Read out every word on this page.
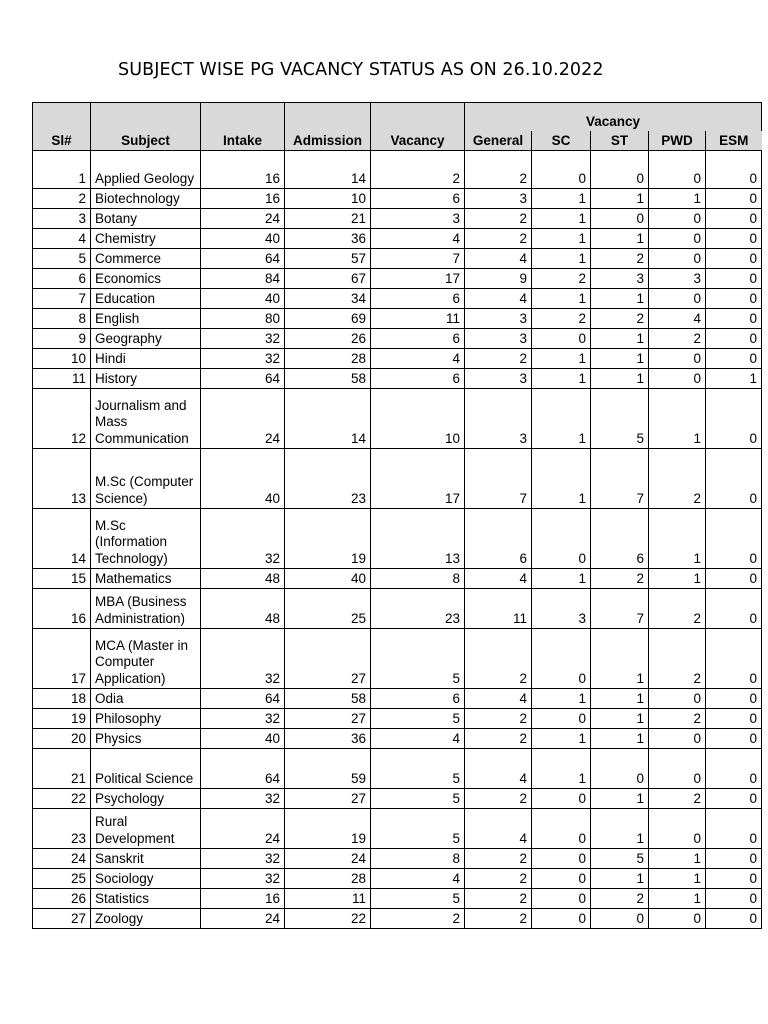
SUBJECT WISE PG VACANCY STATUS AS ON 26.10.2022
Sl#	Subject	Intake	Admission	Vacancy	Vacancy				
					General	SC	ST	PWD	ESM
1	Applied Geology	16	14	2	2	0	0	0	0
2	Biotechnology	16	10	6	3	1	1	1	0
3	Botany	24	21	3	2	1	0	0	0
4	Chemistry	40	36	4	2	1	1	0	0
5	Commerce	64	57	7	4	1	2	0	0
6	Economics	84	67	17	9	2	3	3	0
7	Education	40	34	6	4	1	1	0	0
8	English	80	69	11	3	2	2	4	0
9	Geography	32	26	6	3	0	1	2	0
10	Hindi	32	28	4	2	1	1	0	0
11	History	64	58	6	3	1	1	0	1
12	Journalism and Mass Communication	24	14	10	3	1	5	1	0
13	M.Sc (Computer Science)	40	23	17	7	1	7	2	0
14	M.Sc (Information Technology)	32	19	13	6	0	6	1	0
15	Mathematics	48	40	8	4	1	2	1	0
16	MBA (Business Administration)	48	25	23	11	3	7	2	0
17	MCA (Master in Computer Application)	32	27	5	2	0	1	2	0
18	Odia	64	58	6	4	1	1	0	0
19	Philosophy	32	27	5	2	0	1	2	0
20	Physics	40	36	4	2	1	1	0	0
21	Political Science	64	59	5	4	1	0	0	0
22	Psychology	32	27	5	2	0	1	2	0
23	Rural Development	24	19	5	4	0	1	0	0
24	Sanskrit	32	24	8	2	0	5	1	0
25	Sociology	32	28	4	2	0	1	1	0
26	Statistics	16	11	5	2	0	2	1	0
27	Zoology	24	22	2	2	0	0	0	0
